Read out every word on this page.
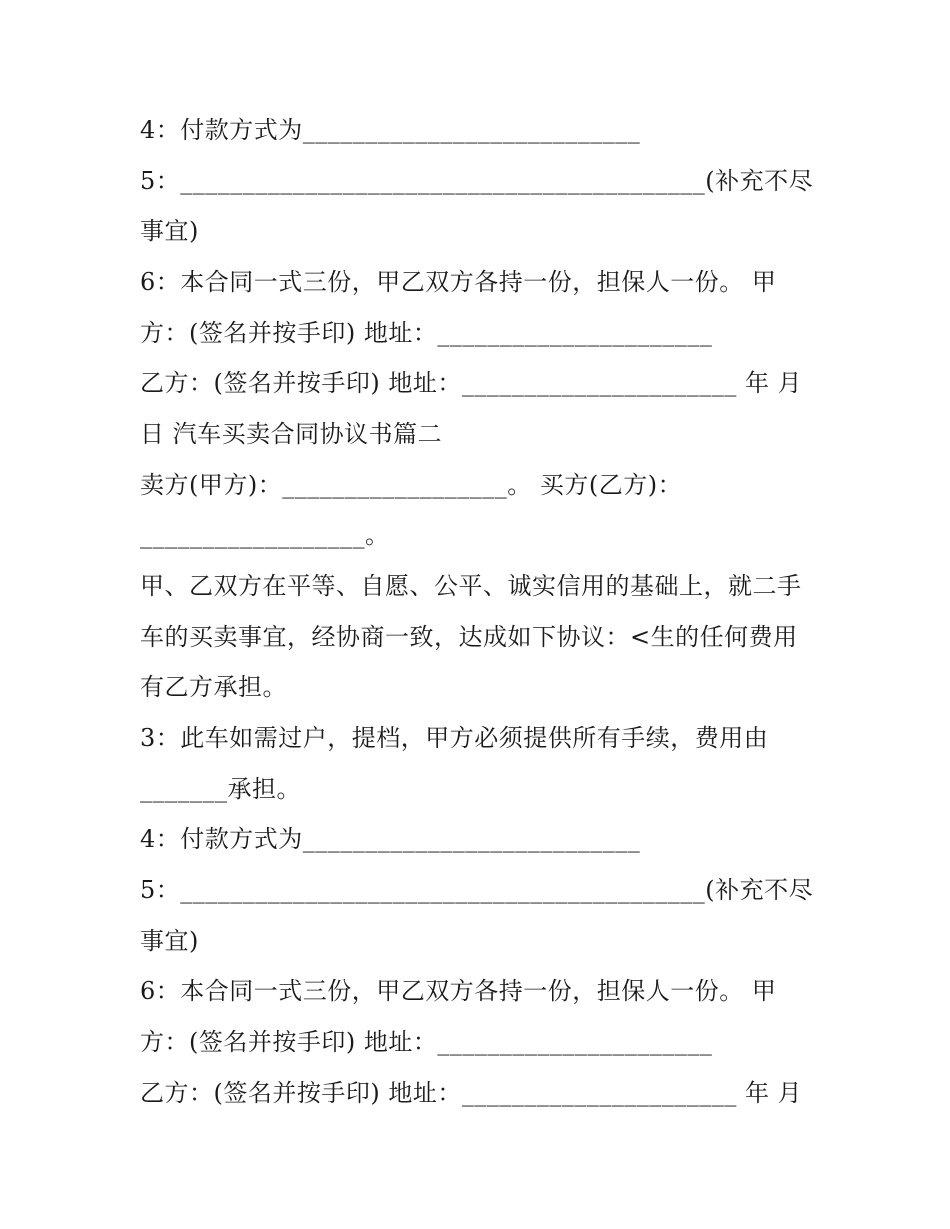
4：付款方式为___________________________
5：__________________________________________(补充不尽
事宜)
6：本合同一式三份，甲乙双方各持一份，担保人一份。 甲
方：(签名并按手印) 地址：______________________
乙方：(签名并按手印) 地址：______________________ 年 月
日 汽车买卖合同协议书篇二
卖方(甲方)：__________________。 买方(乙方)：
__________________。
甲、乙双方在平等、自愿、公平、诚实信用的基础上，就二手
车的买卖事宜，经协商一致，达成如下协议：<生的任何费用
有乙方承担。
3：此车如需过户，提档，甲方必须提供所有手续，费用由
_______承担。
4：付款方式为___________________________
5：__________________________________________(补充不尽
事宜)
6：本合同一式三份，甲乙双方各持一份，担保人一份。 甲
方：(签名并按手印) 地址：______________________
乙方：(签名并按手印) 地址：______________________ 年 月
